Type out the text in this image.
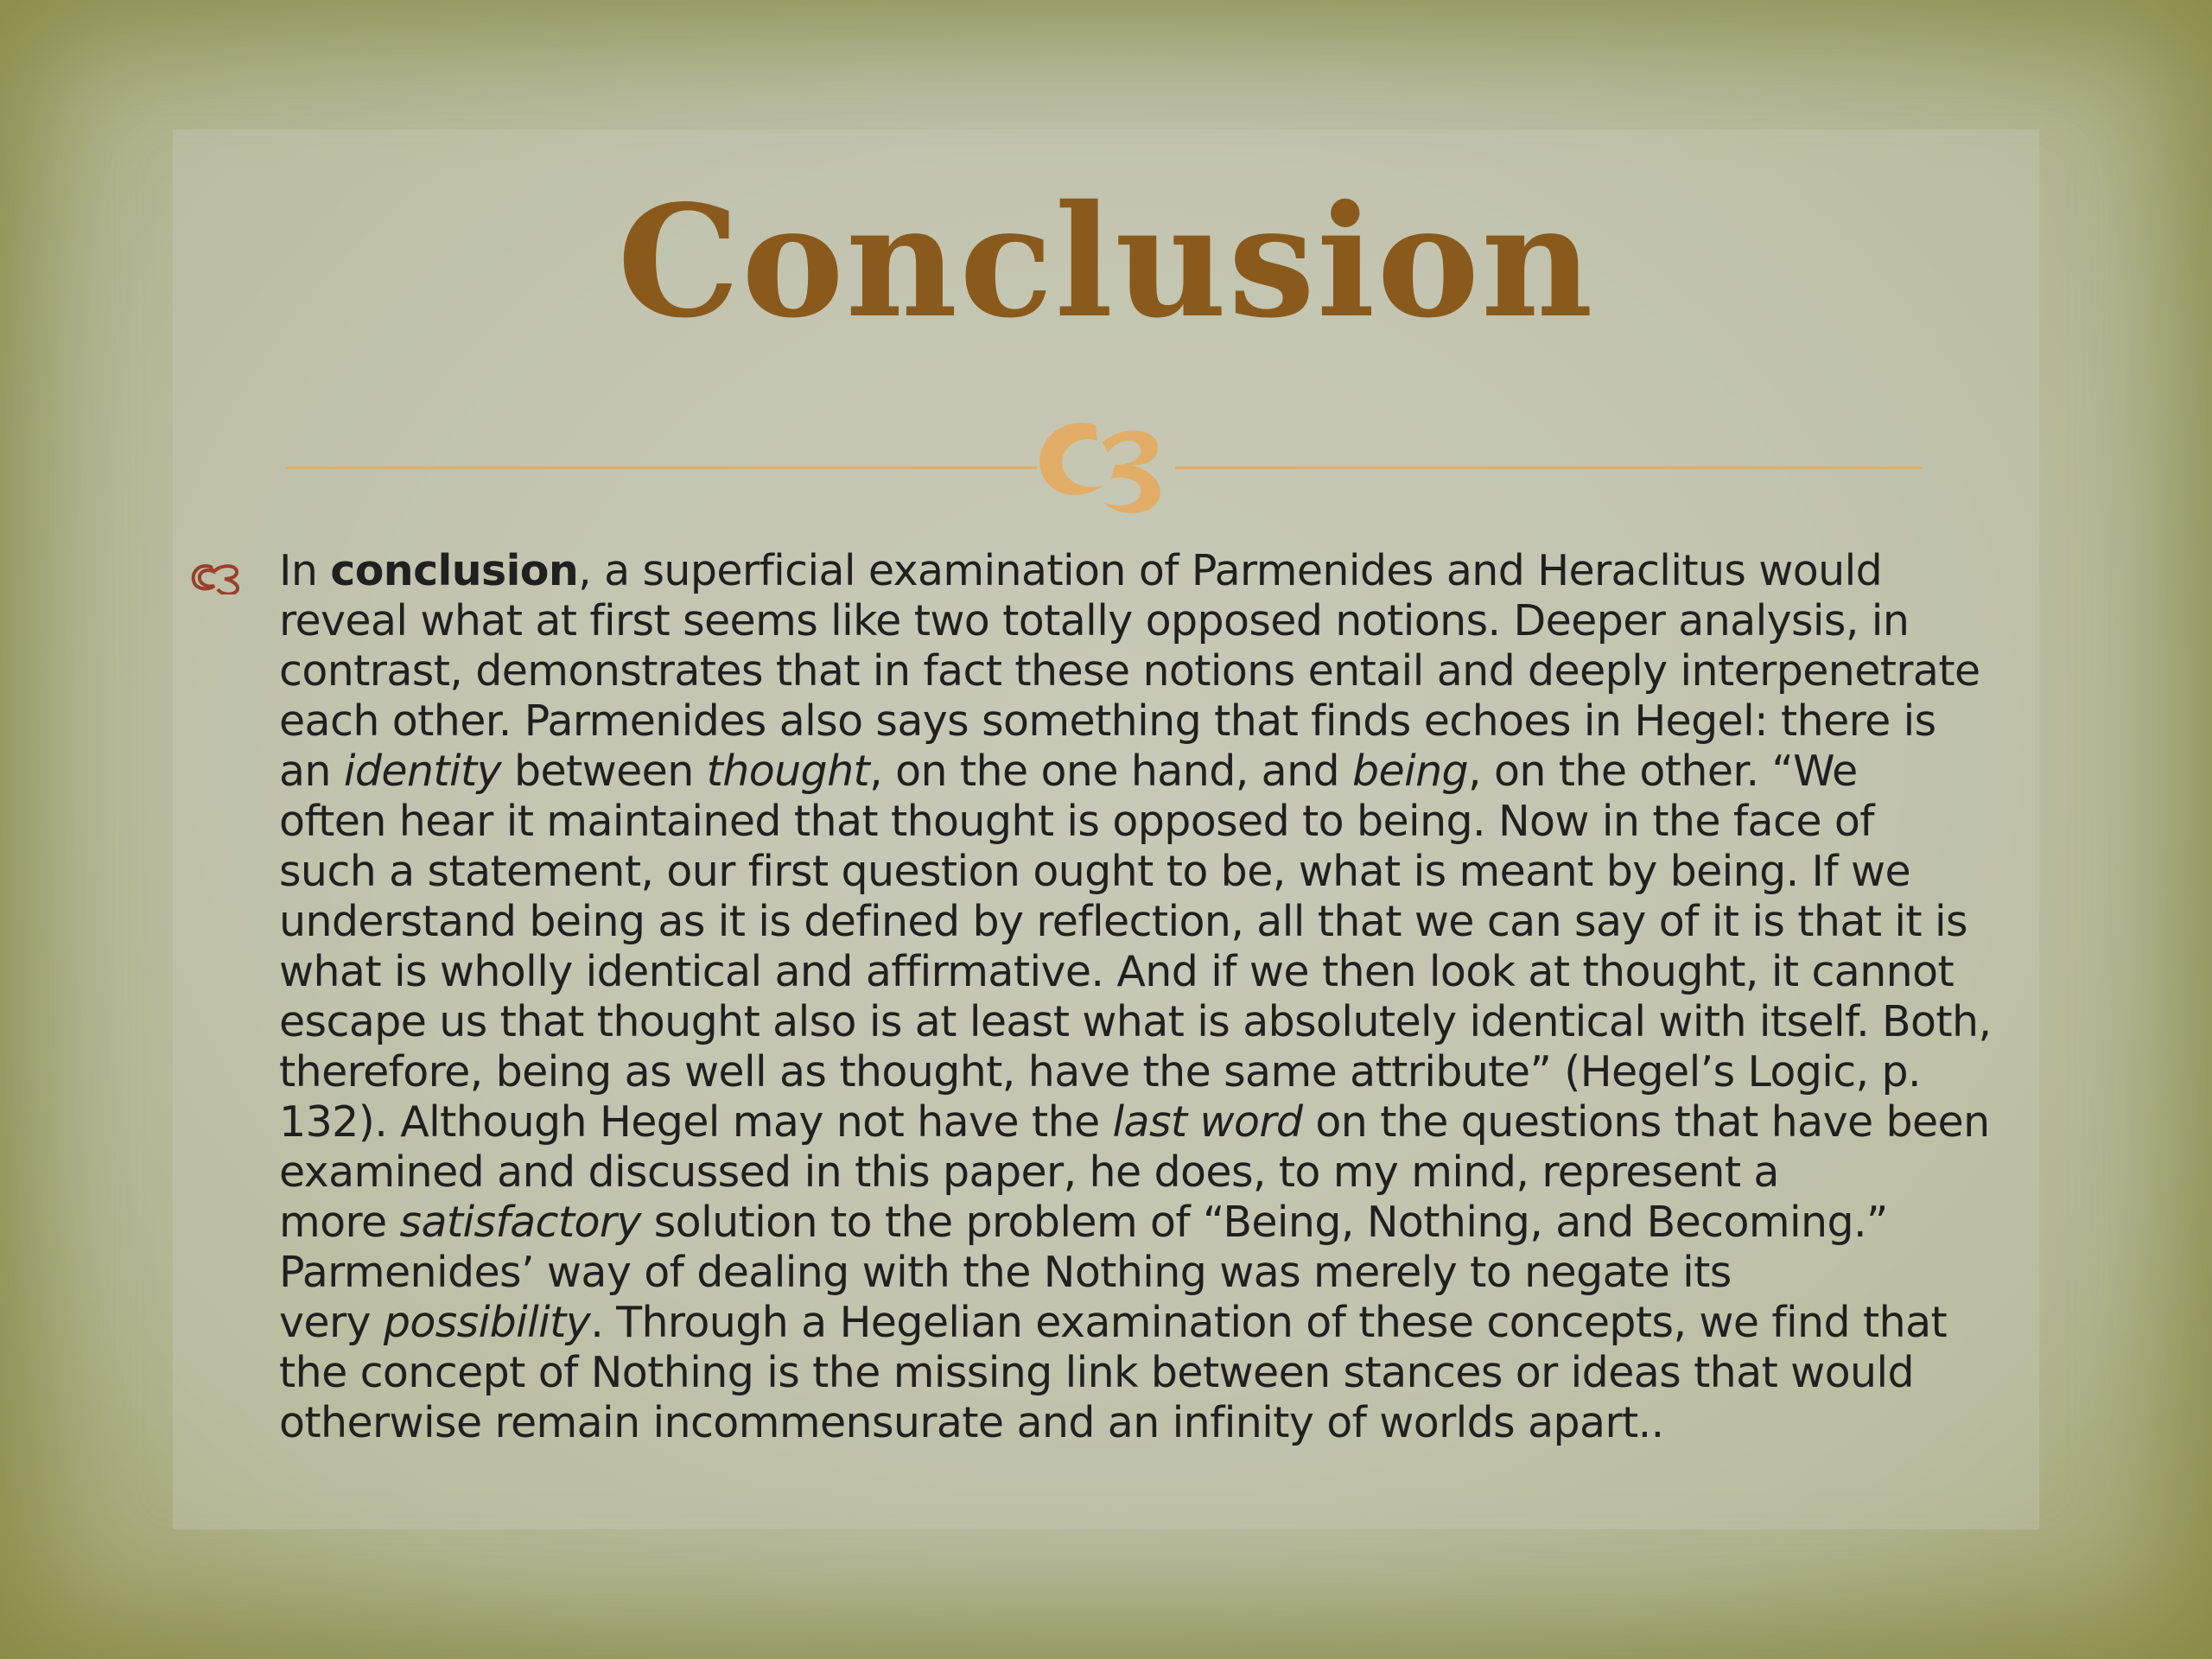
Conclusion

In conclusion, a superficial examination of Parmenides and Heraclitus would
reveal what at first seems like two totally opposed notions. Deeper analysis, in
contrast, demonstrates that in fact these notions entail and deeply interpenetrate
each other. Parmenides also says something that finds echoes in Hegel: there is
an identity between thought, on the one hand, and being, on the other. “We
often hear it maintained that thought is opposed to being. Now in the face of
such a statement, our first question ought to be, what is meant by being. If we
understand being as it is defined by reflection, all that we can say of it is that it is
what is wholly identical and affirmative. And if we then look at thought, it cannot
escape us that thought also is at least what is absolutely identical with itself. Both,
therefore, being as well as thought, have the same attribute” (Hegel’s Logic, p.
132). Although Hegel may not have the last word on the questions that have been
examined and discussed in this paper, he does, to my mind, represent a
more satisfactory solution to the problem of “Being, Nothing, and Becoming.”
Parmenides’ way of dealing with the Nothing was merely to negate its
very possibility. Through a Hegelian examination of these concepts, we find that
the concept of Nothing is the missing link between stances or ideas that would
otherwise remain incommensurate and an infinity of worlds apart..
